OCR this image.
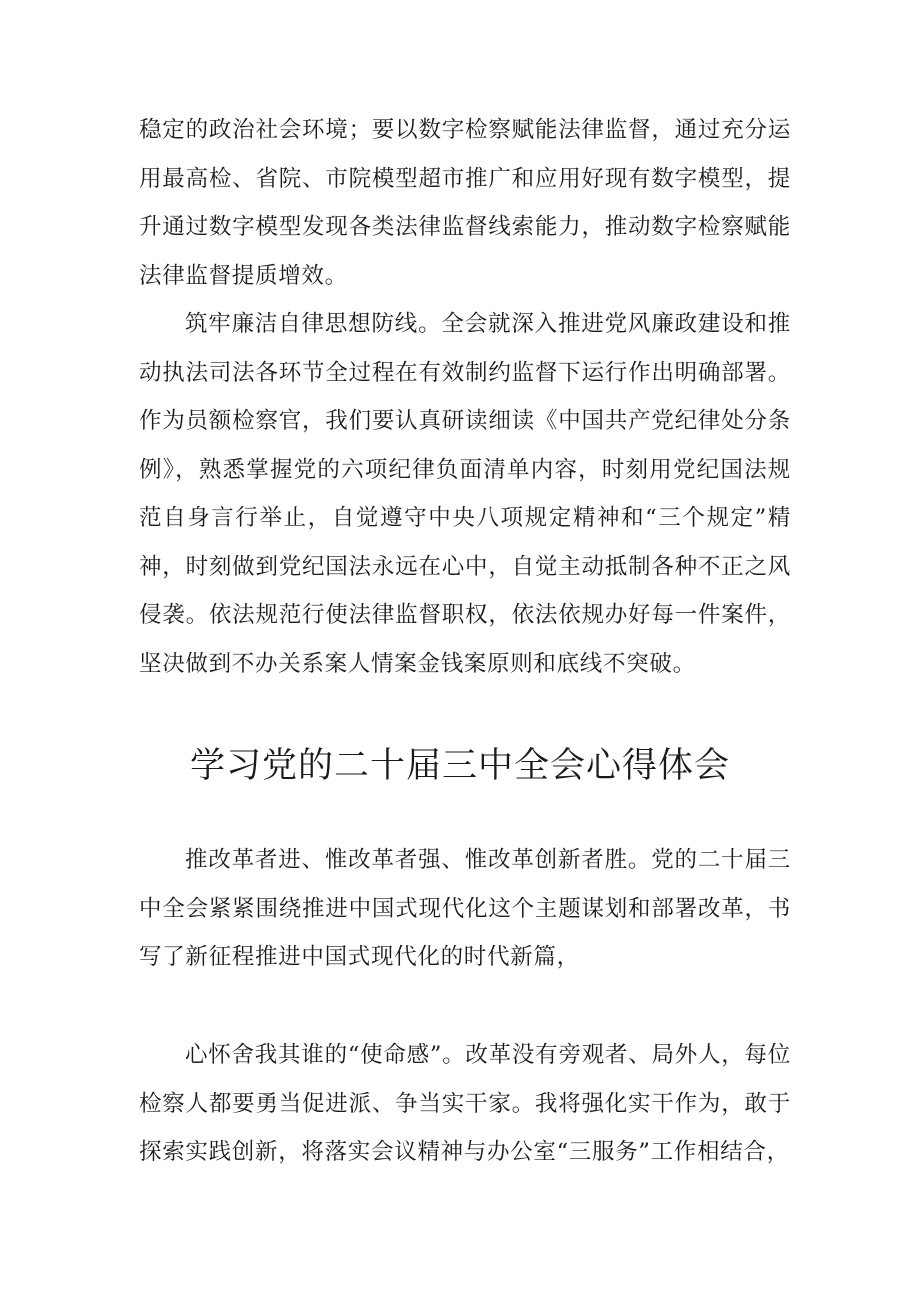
稳定的政治社会环境；要以数字检察赋能法律监督，通过充分运用最高检、省院、市院模型超市推广和应用好现有数字模型，提升通过数字模型发现各类法律监督线索能力，推动数字检察赋能法律监督提质增效。

筑牢廉洁自律思想防线。全会就深入推进党风廉政建设和推动执法司法各环节全过程在有效制约监督下运行作出明确部署。作为员额检察官，我们要认真研读细读《中国共产党纪律处分条例》，熟悉掌握党的六项纪律负面清单内容，时刻用党纪国法规范自身言行举止，自觉遵守中央八项规定精神和“三个规定”精神，时刻做到党纪国法永远在心中，自觉主动抵制各种不正之风侵袭。依法规范行使法律监督职权，依法依规办好每一件案件，坚决做到不办关系案人情案金钱案原则和底线不突破。

学习党的二十届三中全会心得体会

推改革者进、惟改革者强、惟改革创新者胜。党的二十届三中全会紧紧围绕推进中国式现代化这个主题谋划和部署改革，书写了新征程推进中国式现代化的时代新篇，

心怀舍我其谁的“使命感”。改革没有旁观者、局外人，每位检察人都要勇当促进派、争当实干家。我将强化实干作为，敢于探索实践创新，将落实会议精神与办公室“三服务”工作相结合，
